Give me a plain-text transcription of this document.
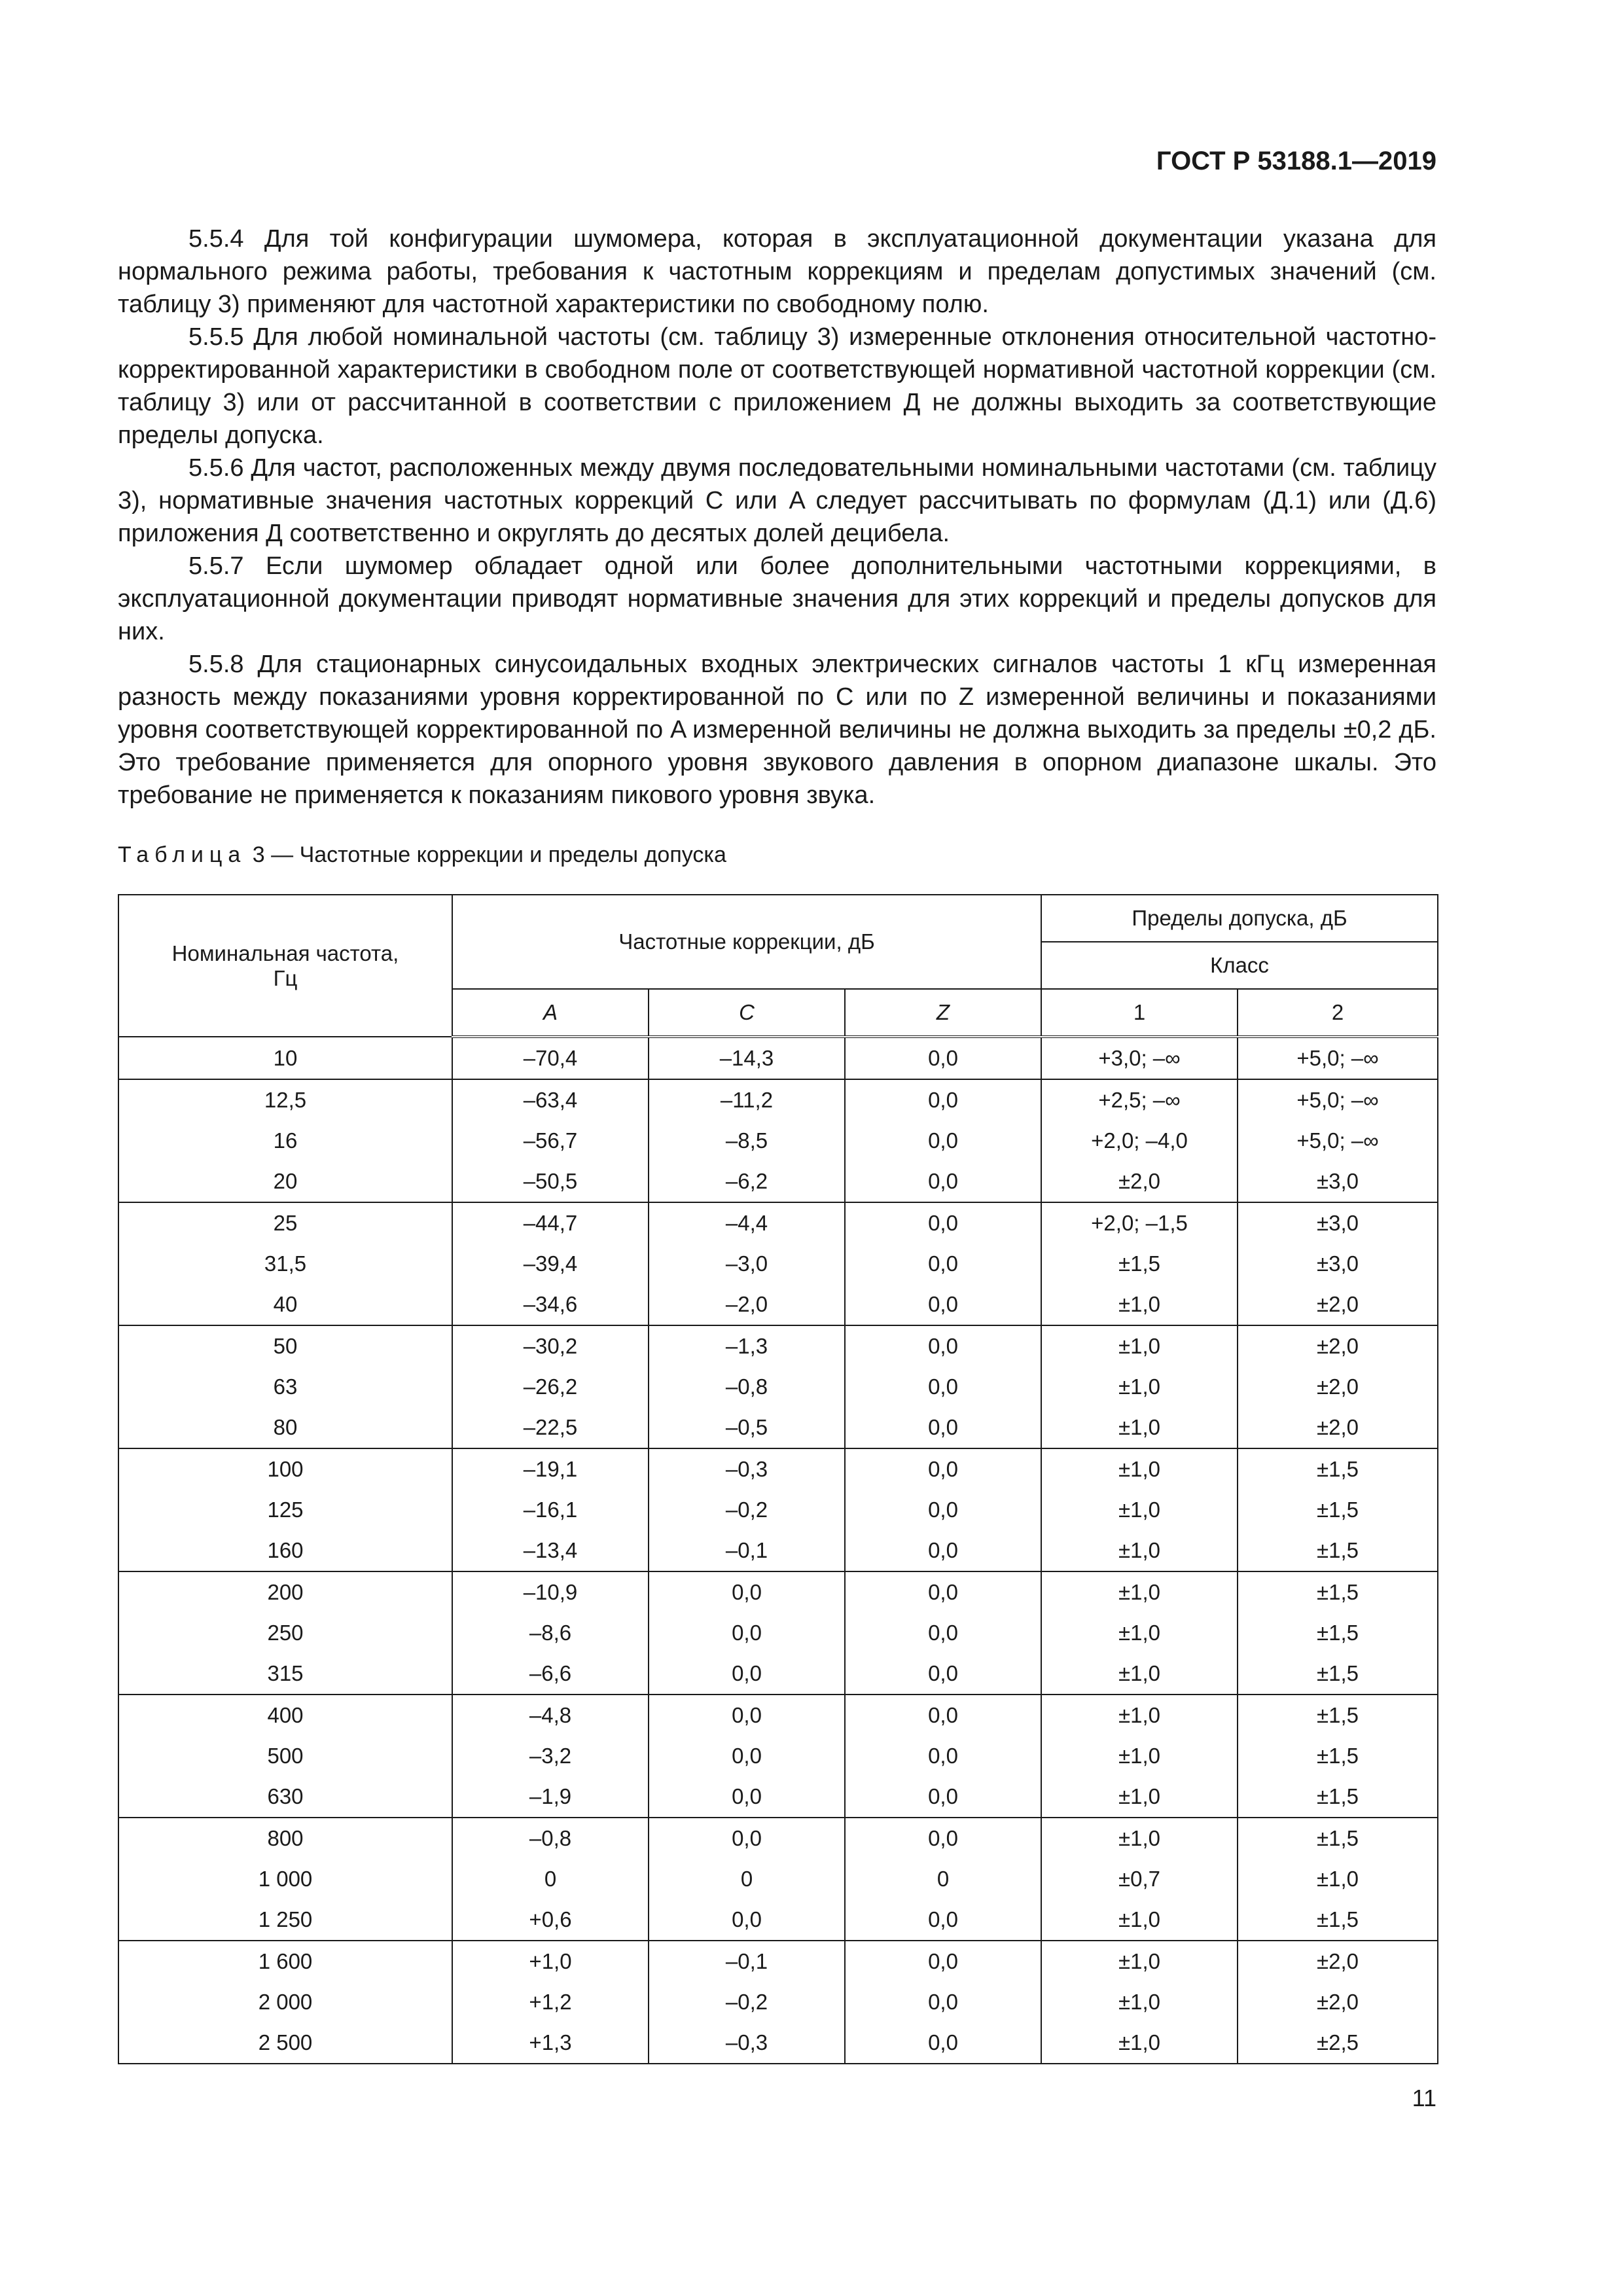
ГОСТ Р 53188.1—2019

5.5.4 Для той конфигурации шумомера, которая в эксплуатационной документации указана для нормального режима работы, требования к частотным коррекциям и пределам допустимых значений (см. таблицу 3) применяют для частотной характеристики по свободному полю.

5.5.5 Для любой номинальной частоты (см. таблицу 3) измеренные отклонения относительной частотно-корректированной характеристики в свободном поле от соответствующей нормативной частотной коррекции (см. таблицу 3) или от рассчитанной в соответствии с приложением Д не должны выходить за соответствующие пределы допуска.

5.5.6 Для частот, расположенных между двумя последовательными номинальными частотами (см. таблицу 3), нормативные значения частотных коррекций C или A следует рассчитывать по формулам (Д.1) или (Д.6) приложения Д соответственно и округлять до десятых долей децибела.

5.5.7 Если шумомер обладает одной или более дополнительными частотными коррекциями, в эксплуатационной документации приводят нормативные значения для этих коррекций и пределы допусков для них.

5.5.8 Для стационарных синусоидальных входных электрических сигналов частоты 1 кГц измеренная разность между показаниями уровня корректированной по C или по Z измеренной величины и показаниями уровня соответствующей корректированной по A измеренной величины не должна выходить за пределы ±0,2 дБ. Это требование применяется для опорного уровня звукового давления в опорном диапазоне шкалы. Это требование не применяется к показаниям пикового уровня звука.

Таблица 3 — Частотные коррекции и пределы допуска
Номинальная частота, Гц	Частотные коррекции, дБ			Пределы допуска, дБ	
				Класс	
	A	C	Z	1	2
10	–70,4	–14,3	0,0	+3,0; –∞	+5,0; –∞
12,5	–63,4	–11,2	0,0	+2,5; –∞	+5,0; –∞
16	–56,7	–8,5	0,0	+2,0; –4,0	+5,0; –∞
20	–50,5	–6,2	0,0	±2,0	±3,0
25	–44,7	–4,4	0,0	+2,0; –1,5	±3,0
31,5	–39,4	–3,0	0,0	±1,5	±3,0
40	–34,6	–2,0	0,0	±1,0	±2,0
50	–30,2	–1,3	0,0	±1,0	±2,0
63	–26,2	–0,8	0,0	±1,0	±2,0
80	–22,5	–0,5	0,0	±1,0	±2,0
100	–19,1	–0,3	0,0	±1,0	±1,5
125	–16,1	–0,2	0,0	±1,0	±1,5
160	–13,4	–0,1	0,0	±1,0	±1,5
200	–10,9	0,0	0,0	±1,0	±1,5
250	–8,6	0,0	0,0	±1,0	±1,5
315	–6,6	0,0	0,0	±1,0	±1,5
400	–4,8	0,0	0,0	±1,0	±1,5
500	–3,2	0,0	0,0	±1,0	±1,5
630	–1,9	0,0	0,0	±1,0	±1,5
800	–0,8	0,0	0,0	±1,0	±1,5
1 000	0	0	0	±0,7	±1,0
1 250	+0,6	0,0	0,0	±1,0	±1,5
1 600	+1,0	–0,1	0,0	±1,0	±2,0
2 000	+1,2	–0,2	0,0	±1,0	±2,0
2 500	+1,3	–0,3	0,0	±1,0	±2,5
11
